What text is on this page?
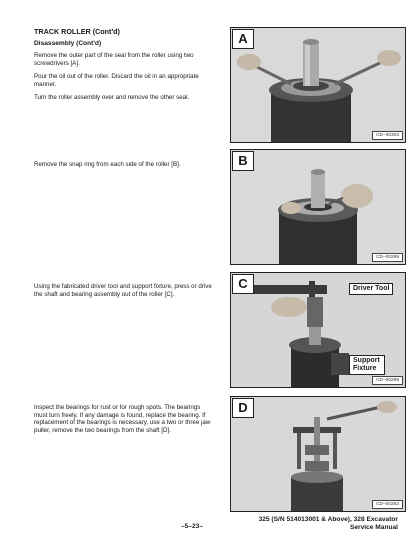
TRACK ROLLER (Cont'd)
Disassembly (Cont'd)

Remove the outer part of the seal from the roller using two screwdrivers [A].

Pour the oil out of the roller. Discard the oil in an appropriate manner.

Turn the roller assembly over and remove the other seal.

Remove the snap ring from each side of the roller [B].

Using the fabricated driver tool and support fixture, press or drive the shaft and bearing assembly out of the roller [C].

Inspect the bearings for rust or for rough spots. The bearings must turn freely. If any damage is found, replace the bearing. If replacement of the bearings is necessary, use a two or three jaw puller, remove the two bearings from the shaft [D].

A
CD–00303
B
CD–00299
C	Driver Tool
Support Fixture
CD–00298
D
CD–00282
–5–23–
325 (S/N 514013001 & Above), 328 Excavator
Service Manual
